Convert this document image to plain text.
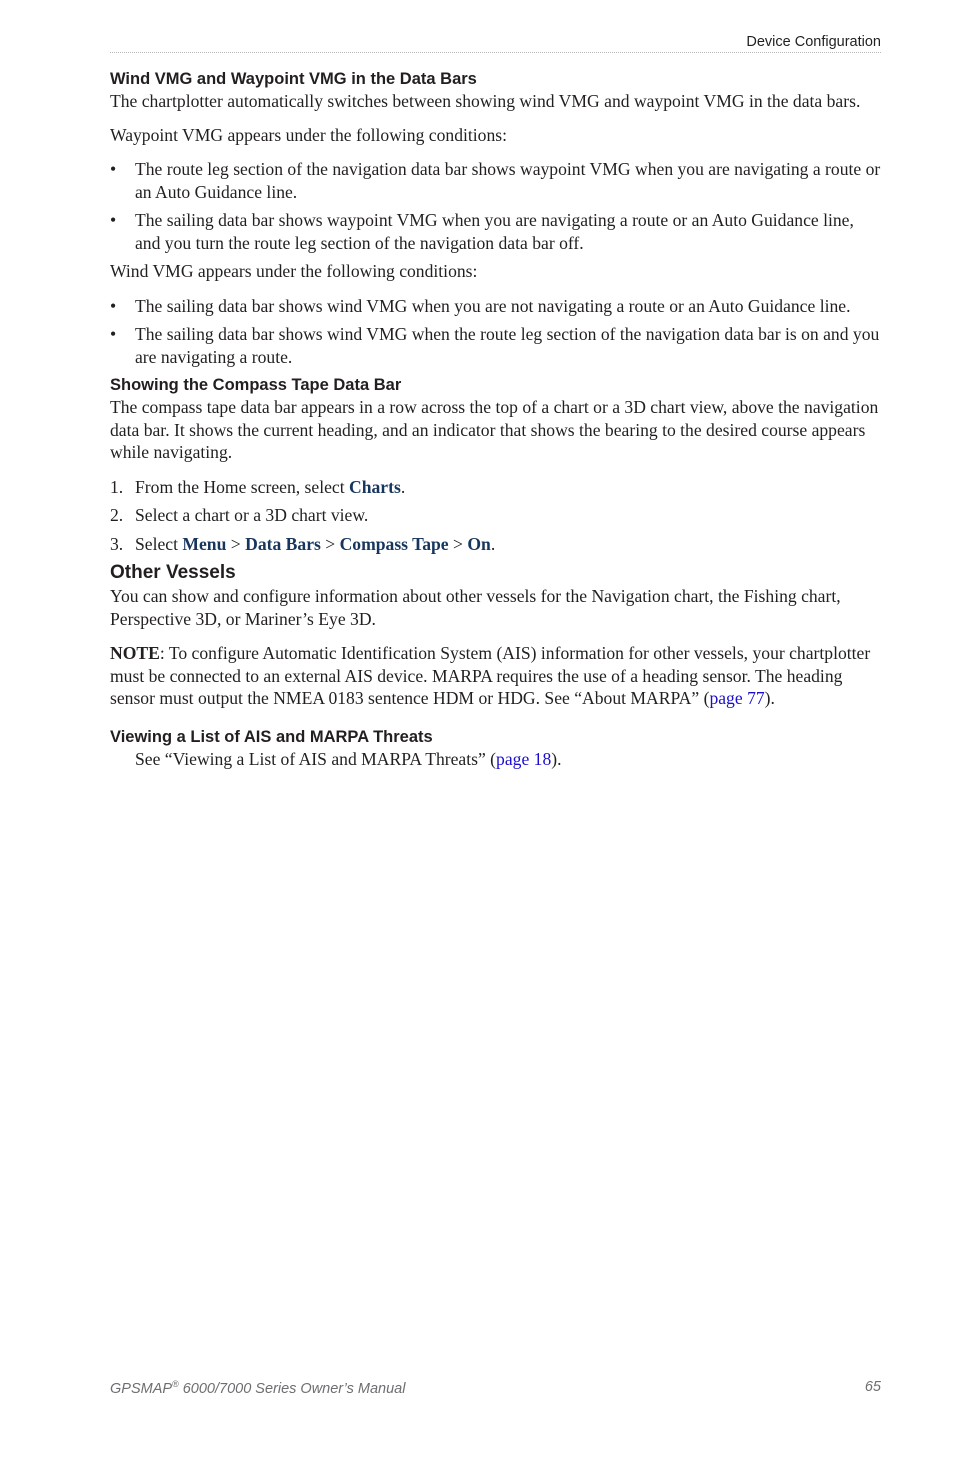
Device Configuration
Wind VMG and Waypoint VMG in the Data Bars

The chartplotter automatically switches between showing wind VMG and waypoint VMG in the data bars.

Waypoint VMG appears under the following conditions:

• The route leg section of the navigation data bar shows waypoint VMG when you are navigating a route or an Auto Guidance line.
• The sailing data bar shows waypoint VMG when you are navigating a route or an Auto Guidance line, and you turn the route leg section of the navigation data bar off.

Wind VMG appears under the following conditions:

• The sailing data bar shows wind VMG when you are not navigating a route or an Auto Guidance line.
• The sailing data bar shows wind VMG when the route leg section of the navigation data bar is on and you are navigating a route.
Showing the Compass Tape Data Bar

The compass tape data bar appears in a row across the top of a chart or a 3D chart view, above the navigation data bar. It shows the current heading, and an indicator that shows the bearing to the desired course appears while navigating.

1. From the Home screen, select Charts.
2. Select a chart or a 3D chart view.
3. Select Menu > Data Bars > Compass Tape > On.
Other Vessels

You can show and configure information about other vessels for the Navigation chart, the Fishing chart, Perspective 3D, or Mariner’s Eye 3D.

NOTE: To configure Automatic Identification System (AIS) information for other vessels, your chartplotter must be connected to an external AIS device. MARPA requires the use of a heading sensor. The heading sensor must output the NMEA 0183 sentence HDM or HDG. See “About MARPA” (page 77).

Viewing a List of AIS and MARPA Threats

See “Viewing a List of AIS and MARPA Threats” (page 18).

GPSMAP® 6000/7000 Series Owner’s Manual	65
